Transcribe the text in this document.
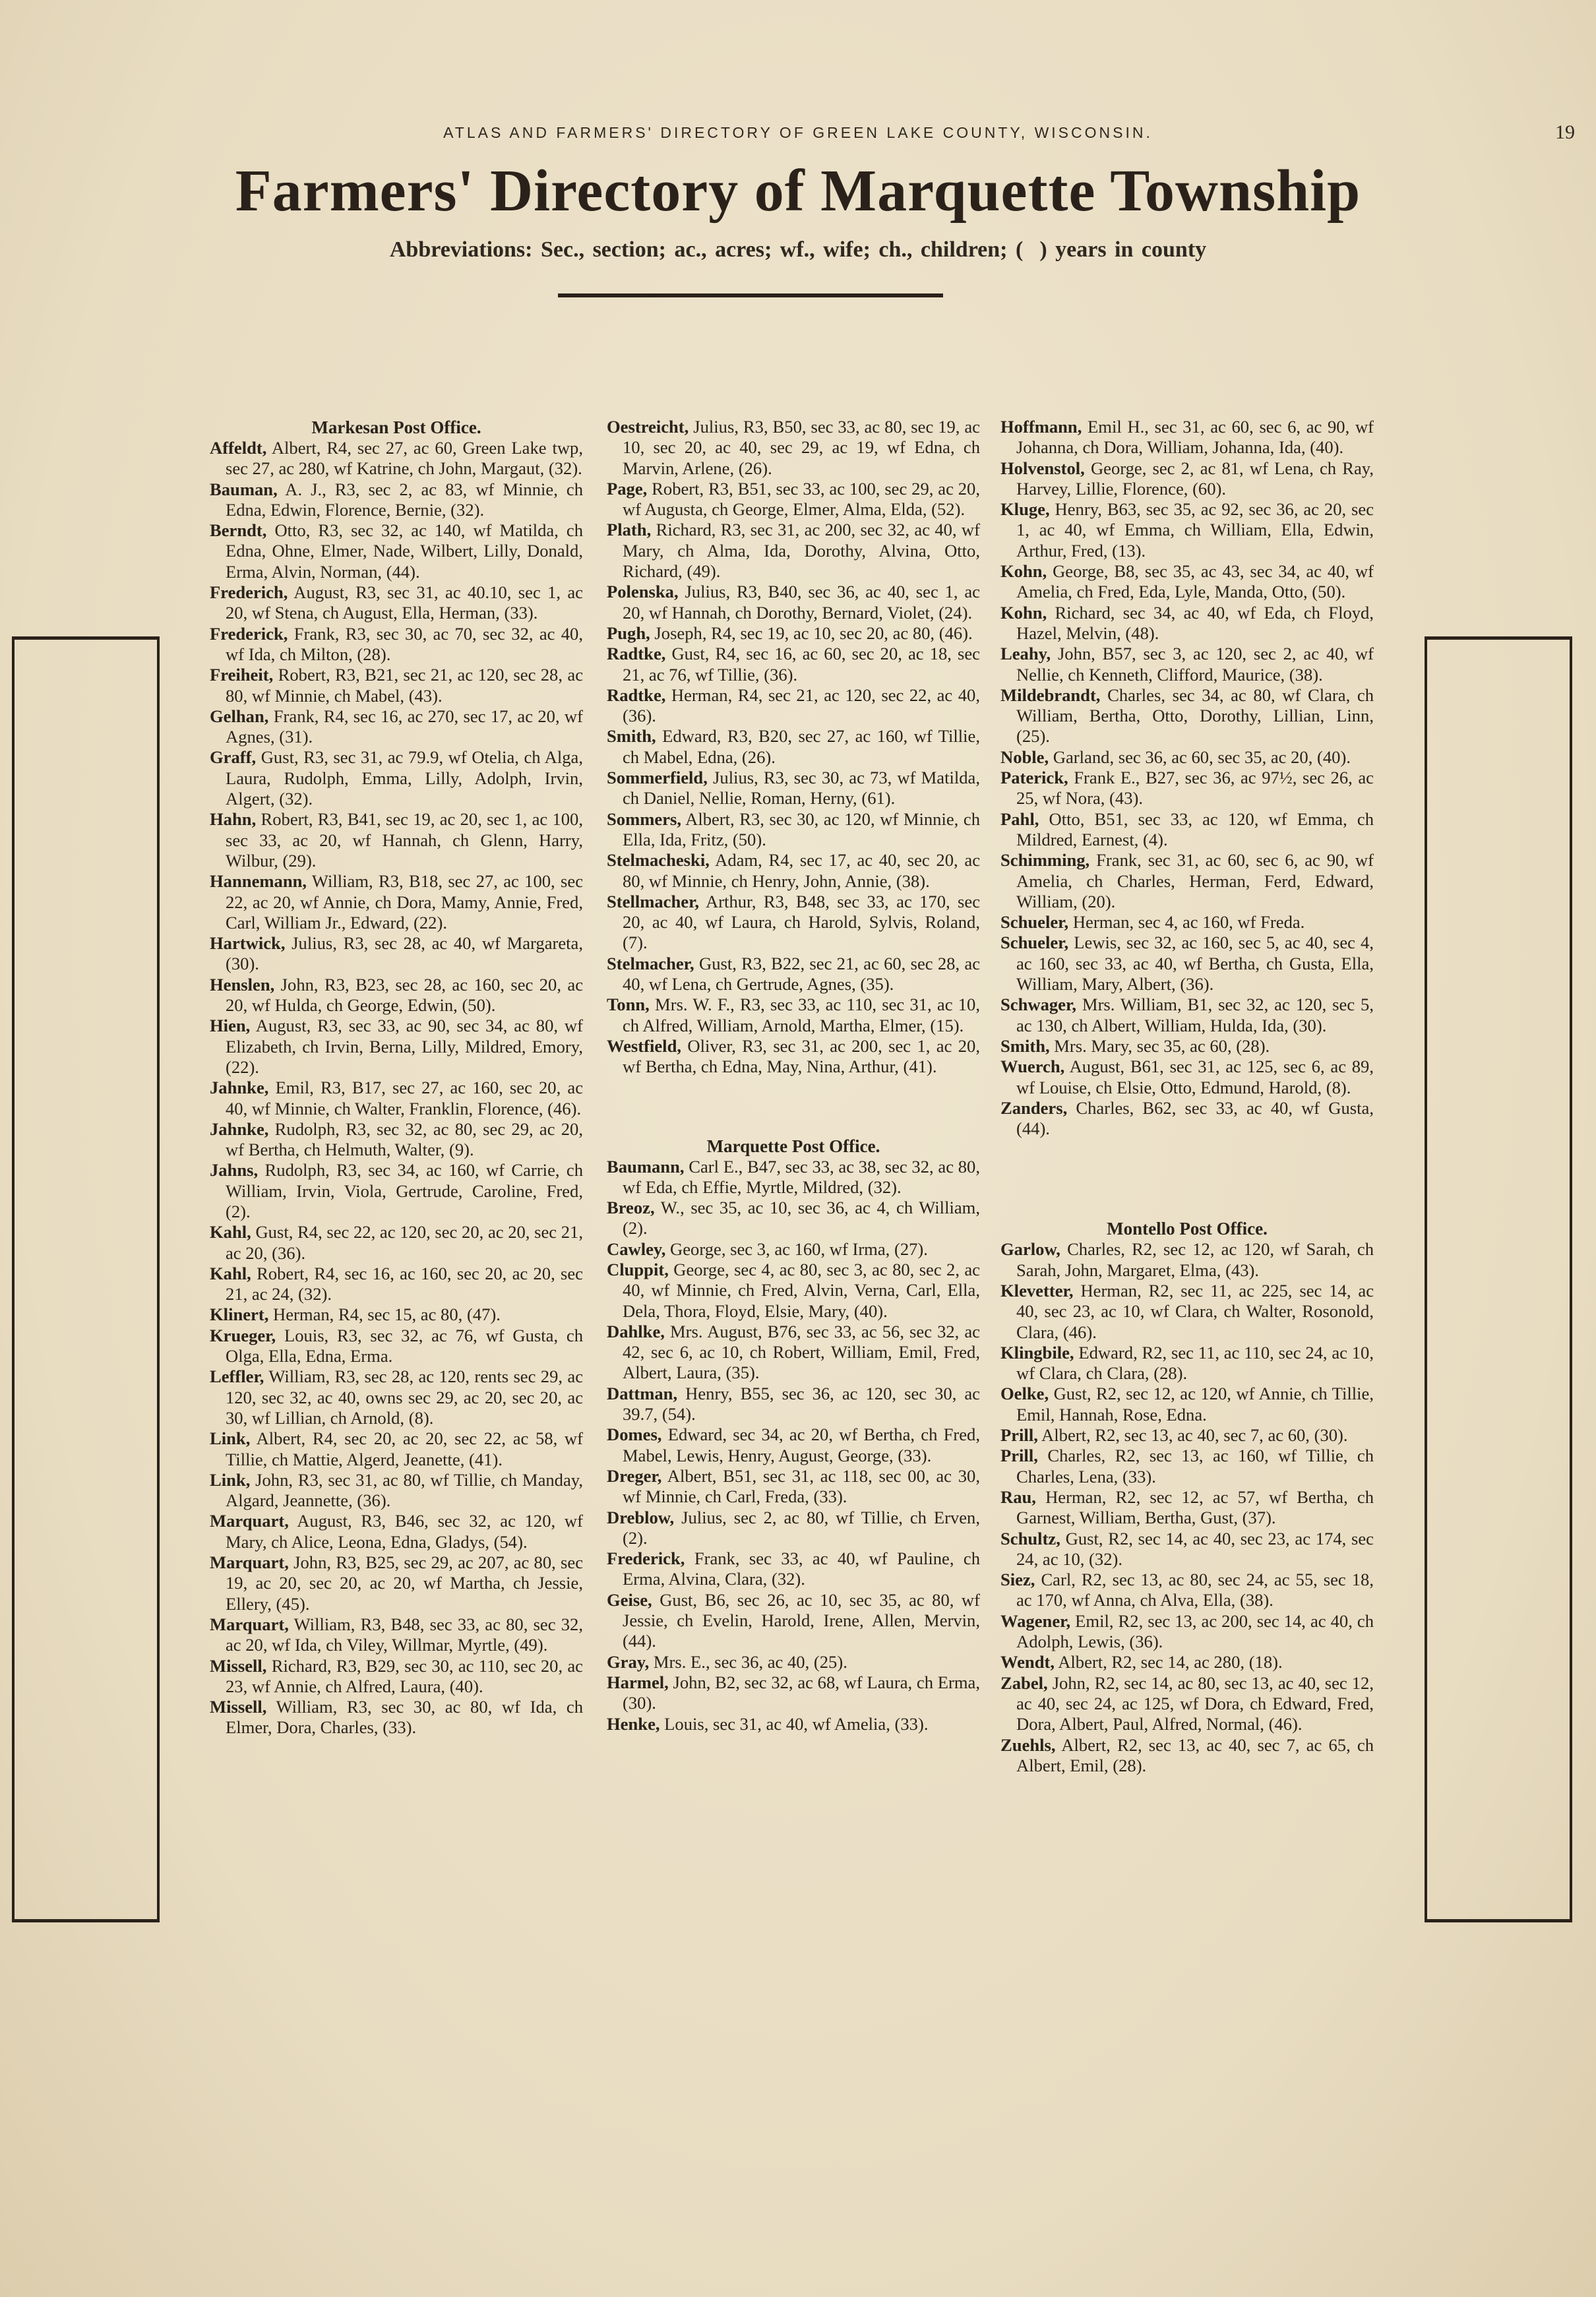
ATLAS AND FARMERS' DIRECTORY OF GREEN LAKE COUNTY, WISCONSIN.	19
Farmers' Directory of Marquette Township
Abbreviations: Sec., section; ac., acres; wf., wife; ch., children; (  ) years in county
Markesan Post Office.
Affeldt, Albert, R4, sec 27, ac 60, Green Lake twp, sec 27, ac 280, wf Katrine, ch John, Margaut, (32).
Bauman, A. J., R3, sec 2, ac 83, wf Minnie, ch Edna, Edwin, Florence, Bernie, (32).
Berndt, Otto, R3, sec 32, ac 140, wf Matilda, ch Edna, Ohne, Elmer, Nade, Wilbert, Lilly, Donald, Erma, Alvin, Norman, (44).
Frederich, August, R3, sec 31, ac 40.10, sec 1, ac 20, wf Stena, ch August, Ella, Herman, (33).
Frederick, Frank, R3, sec 30, ac 70, sec 32, ac 40, wf Ida, ch Milton, (28).
Freiheit, Robert, R3, B21, sec 21, ac 120, sec 28, ac 80, wf Minnie, ch Mabel, (43).
Gelhan, Frank, R4, sec 16, ac 270, sec 17, ac 20, wf Agnes, (31).
Graff, Gust, R3, sec 31, ac 79.9, wf Otelia, ch Alga, Laura, Rudolph, Emma, Lilly, Adolph, Irvin, Algert, (32).
Hahn, Robert, R3, B41, sec 19, ac 20, sec 1, ac 100, sec 33, ac 20, wf Hannah, ch Glenn, Harry, Wilbur, (29).
Hannemann, William, R3, B18, sec 27, ac 100, sec 22, ac 20, wf Annie, ch Dora, Mamy, Annie, Fred, Carl, William Jr., Edward, (22).
Hartwick, Julius, R3, sec 28, ac 40, wf Margareta, (30).
Henslen, John, R3, B23, sec 28, ac 160, sec 20, ac 20, wf Hulda, ch George, Edwin, (50).
Hien, August, R3, sec 33, ac 90, sec 34, ac 80, wf Elizabeth, ch Irvin, Berna, Lilly, Mildred, Emory, (22).
Jahnke, Emil, R3, B17, sec 27, ac 160, sec 20, ac 40, wf Minnie, ch Walter, Franklin, Florence, (46).
Jahnke, Rudolph, R3, sec 32, ac 80, sec 29, ac 20, wf Bertha, ch Helmuth, Walter, (9).
Jahns, Rudolph, R3, sec 34, ac 160, wf Carrie, ch William, Irvin, Viola, Gertrude, Caroline, Fred, (2).
Kahl, Gust, R4, sec 22, ac 120, sec 20, ac 20, sec 21, ac 20, (36).
Kahl, Robert, R4, sec 16, ac 160, sec 20, ac 20, sec 21, ac 24, (32).
Klinert, Herman, R4, sec 15, ac 80, (47).
Krueger, Louis, R3, sec 32, ac 76, wf Gusta, ch Olga, Ella, Edna, Erma.
Leffler, William, R3, sec 28, ac 120, rents sec 29, ac 120, sec 32, ac 40, owns sec 29, ac 20, sec 20, ac 30, wf Lillian, ch Arnold, (8).
Link, Albert, R4, sec 20, ac 20, sec 22, ac 58, wf Tillie, ch Mattie, Algerd, Jeanette, (41).
Link, John, R3, sec 31, ac 80, wf Tillie, ch Manday, Algard, Jeannette, (36).
Marquart, August, R3, B46, sec 32, ac 120, wf Mary, ch Alice, Leona, Edna, Gladys, (54).
Marquart, John, R3, B25, sec 29, ac 207, ac 80, sec 19, ac 20, sec 20, ac 20, wf Martha, ch Jessie, Ellery, (45).
Marquart, William, R3, B48, sec 33, ac 80, sec 32, ac 20, wf Ida, ch Viley, Willmar, Myrtle, (49).
Missell, Richard, R3, B29, sec 30, ac 110, sec 20, ac 23, wf Annie, ch Alfred, Laura, (40).
Missell, William, R3, sec 30, ac 80, wf Ida, ch Elmer, Dora, Charles, (33).
Oestreicht, Julius, R3, B50, sec 33, ac 80, sec 19, ac 10, sec 20, ac 40, sec 29, ac 19, wf Edna, ch Marvin, Arlene, (26).
Page, Robert, R3, B51, sec 33, ac 100, sec 29, ac 20, wf Augusta, ch George, Elmer, Alma, Elda, (52).
Plath, Richard, R3, sec 31, ac 200, sec 32, ac 40, wf Mary, ch Alma, Ida, Dorothy, Alvina, Otto, Richard, (49).
Polenska, Julius, R3, B40, sec 36, ac 40, sec 1, ac 20, wf Hannah, ch Dorothy, Bernard, Violet, (24).
Pugh, Joseph, R4, sec 19, ac 10, sec 20, ac 80, (46).
Radtke, Gust, R4, sec 16, ac 60, sec 20, ac 18, sec 21, ac 76, wf Tillie, (36).
Radtke, Herman, R4, sec 21, ac 120, sec 22, ac 40, (36).
Smith, Edward, R3, B20, sec 27, ac 160, wf Tillie, ch Mabel, Edna, (26).
Sommerfield, Julius, R3, sec 30, ac 73, wf Matilda, ch Daniel, Nellie, Roman, Herny, (61).
Sommers, Albert, R3, sec 30, ac 120, wf Minnie, ch Ella, Ida, Fritz, (50).
Stelmacheski, Adam, R4, sec 17, ac 40, sec 20, ac 80, wf Minnie, ch Henry, John, Annie, (38).
Stellmacher, Arthur, R3, B48, sec 33, ac 170, sec 20, ac 40, wf Laura, ch Harold, Sylvis, Roland, (7).
Stelmacher, Gust, R3, B22, sec 21, ac 60, sec 28, ac 40, wf Lena, ch Gertrude, Agnes, (35).
Tonn, Mrs. W. F., R3, sec 33, ac 110, sec 31, ac 10, ch Alfred, William, Arnold, Martha, Elmer, (15).
Westfield, Oliver, R3, sec 31, ac 200, sec 1, ac 20, wf Bertha, ch Edna, May, Nina, Arthur, (41).
Marquette Post Office.
Baumann, Carl E., B47, sec 33, ac 38, sec 32, ac 80, wf Eda, ch Effie, Myrtle, Mildred, (32).
Breoz, W., sec 35, ac 10, sec 36, ac 4, ch William, (2).
Cawley, George, sec 3, ac 160, wf Irma, (27).
Cluppit, George, sec 4, ac 80, sec 3, ac 80, sec 2, ac 40, wf Minnie, ch Fred, Alvin, Verna, Carl, Ella, Dela, Thora, Floyd, Elsie, Mary, (40).
Dahlke, Mrs. August, B76, sec 33, ac 56, sec 32, ac 42, sec 6, ac 10, ch Robert, William, Emil, Fred, Albert, Laura, (35).
Dattman, Henry, B55, sec 36, ac 120, sec 30, ac 39.7, (54).
Domes, Edward, sec 34, ac 20, wf Bertha, ch Fred, Mabel, Lewis, Henry, August, George, (33).
Dreger, Albert, B51, sec 31, ac 118, sec 00, ac 30, wf Minnie, ch Carl, Freda, (33).
Dreblow, Julius, sec 2, ac 80, wf Tillie, ch Erven, (2).
Frederick, Frank, sec 33, ac 40, wf Pauline, ch Erma, Alvina, Clara, (32).
Geise, Gust, B6, sec 26, ac 10, sec 35, ac 80, wf Jessie, ch Evelin, Harold, Irene, Allen, Mervin, (44).
Gray, Mrs. E., sec 36, ac 40, (25).
Harmel, John, B2, sec 32, ac 68, wf Laura, ch Erma, (30).
Henke, Louis, sec 31, ac 40, wf Amelia, (33).
Hoffmann, Emil H., sec 31, ac 60, sec 6, ac 90, wf Johanna, ch Dora, William, Johanna, Ida, (40).
Holvenstol, George, sec 2, ac 81, wf Lena, ch Ray, Harvey, Lillie, Florence, (60).
Kluge, Henry, B63, sec 35, ac 92, sec 36, ac 20, sec 1, ac 40, wf Emma, ch William, Ella, Edwin, Arthur, Fred, (13).
Kohn, George, B8, sec 35, ac 43, sec 34, ac 40, wf Amelia, ch Fred, Eda, Lyle, Manda, Otto, (50).
Kohn, Richard, sec 34, ac 40, wf Eda, ch Floyd, Hazel, Melvin, (48).
Leahy, John, B57, sec 3, ac 120, sec 2, ac 40, wf Nellie, ch Kenneth, Clifford, Maurice, (38).
Mildebrandt, Charles, sec 34, ac 80, wf Clara, ch William, Bertha, Otto, Dorothy, Lillian, Linn, (25).
Noble, Garland, sec 36, ac 60, sec 35, ac 20, (40).
Paterick, Frank E., B27, sec 36, ac 97½, sec 26, ac 25, wf Nora, (43).
Pahl, Otto, B51, sec 33, ac 120, wf Emma, ch Mildred, Earnest, (4).
Schimming, Frank, sec 31, ac 60, sec 6, ac 90, wf Amelia, ch Charles, Herman, Ferd, Edward, William, (20).
Schueler, Herman, sec 4, ac 160, wf Freda.
Schueler, Lewis, sec 32, ac 160, sec 5, ac 40, sec 4, ac 160, sec 33, ac 40, wf Bertha, ch Gusta, Ella, William, Mary, Albert, (36).
Schwager, Mrs. William, B1, sec 32, ac 120, sec 5, ac 130, ch Albert, William, Hulda, Ida, (30).
Smith, Mrs. Mary, sec 35, ac 60, (28).
Wuerch, August, B61, sec 31, ac 125, sec 6, ac 89, wf Louise, ch Elsie, Otto, Edmund, Harold, (8).
Zanders, Charles, B62, sec 33, ac 40, wf Gusta, (44).
Montello Post Office.
Garlow, Charles, R2, sec 12, ac 120, wf Sarah, ch Sarah, John, Margaret, Elma, (43).
Klevetter, Herman, R2, sec 11, ac 225, sec 14, ac 40, sec 23, ac 10, wf Clara, ch Walter, Rosonold, Clara, (46).
Klingbile, Edward, R2, sec 11, ac 110, sec 24, ac 10, wf Clara, ch Clara, (28).
Oelke, Gust, R2, sec 12, ac 120, wf Annie, ch Tillie, Emil, Hannah, Rose, Edna.
Prill, Albert, R2, sec 13, ac 40, sec 7, ac 60, (30).
Prill, Charles, R2, sec 13, ac 160, wf Tillie, ch Charles, Lena, (33).
Rau, Herman, R2, sec 12, ac 57, wf Bertha, ch Garnest, William, Bertha, Gust, (37).
Schultz, Gust, R2, sec 14, ac 40, sec 23, ac 174, sec 24, ac 10, (32).
Siez, Carl, R2, sec 13, ac 80, sec 24, ac 55, sec 18, ac 170, wf Anna, ch Alva, Ella, (38).
Wagener, Emil, R2, sec 13, ac 200, sec 14, ac 40, ch Adolph, Lewis, (36).
Wendt, Albert, R2, sec 14, ac 280, (18).
Zabel, John, R2, sec 14, ac 80, sec 13, ac 40, sec 12, ac 40, sec 24, ac 125, wf Dora, ch Edward, Fred, Dora, Albert, Paul, Alfred, Normal, (46).
Zuehls, Albert, R2, sec 13, ac 40, sec 7, ac 65, ch Albert, Emil, (28).
